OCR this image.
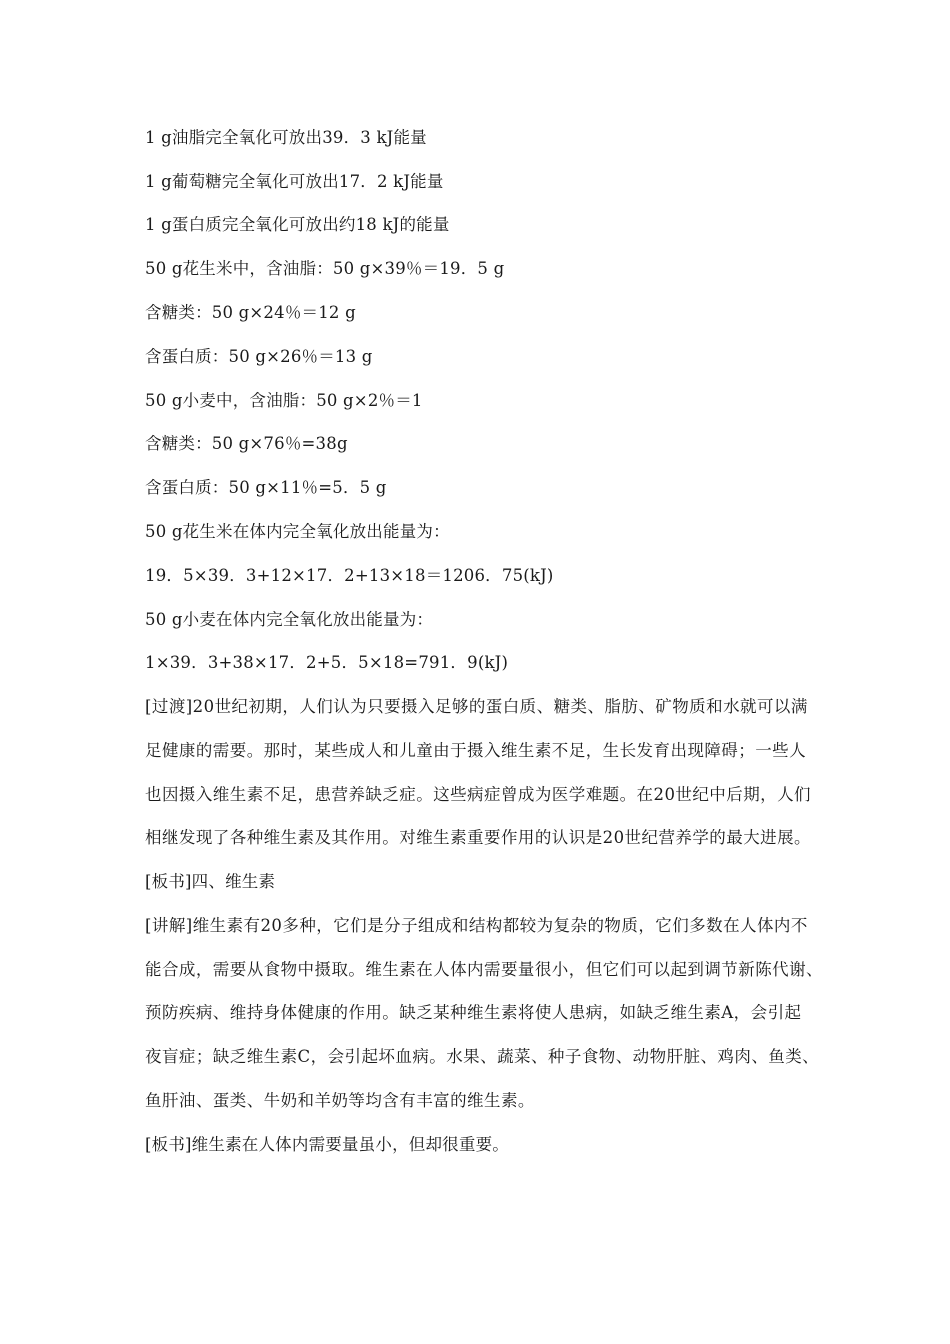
1 g油脂完全氧化可放出39．3 kJ能量
1 g葡萄糖完全氧化可放出17．2 kJ能量
1 g蛋白质完全氧化可放出约18 kJ的能量
50 g花生米中，含油脂：50 g×39％＝19．5 g
含糖类：50 g×24％＝12 g
含蛋白质：50 g×26％＝13 g
50 g小麦中，含油脂：50 g×2％＝1
含糖类：50 g×76％=38g
含蛋白质：50 g×11％=5．5 g
50 g花生米在体内完全氧化放出能量为：
19．5×39．3+12×17．2+13×18＝1206．75(kJ)
50 g小麦在体内完全氧化放出能量为：
1×39．3+38×17．2+5．5×18=791．9(kJ)
[过渡]20世纪初期，人们认为只要摄入足够的蛋白质、糖类、脂肪、矿物质和水就可以满
足健康的需要。那时，某些成人和儿童由于摄入维生素不足，生长发育出现障碍；一些人
也因摄入维生素不足，患营养缺乏症。这些病症曾成为医学难题。在20世纪中后期，人们
相继发现了各种维生素及其作用。对维生素重要作用的认识是20世纪营养学的最大进展。
[板书]四、维生素
[讲解]维生素有20多种，它们是分子组成和结构都较为复杂的物质，它们多数在人体内不
能合成，需要从食物中摄取。维生素在人体内需要量很小，但它们可以起到调节新陈代谢、
预防疾病、维持身体健康的作用。缺乏某种维生素将使人患病，如缺乏维生素A，会引起
夜盲症；缺乏维生素C，会引起坏血病。水果、蔬菜、种子食物、动物肝脏、鸡肉、鱼类、
鱼肝油、蛋类、牛奶和羊奶等均含有丰富的维生素。
[板书]维生素在人体内需要量虽小，但却很重要。
